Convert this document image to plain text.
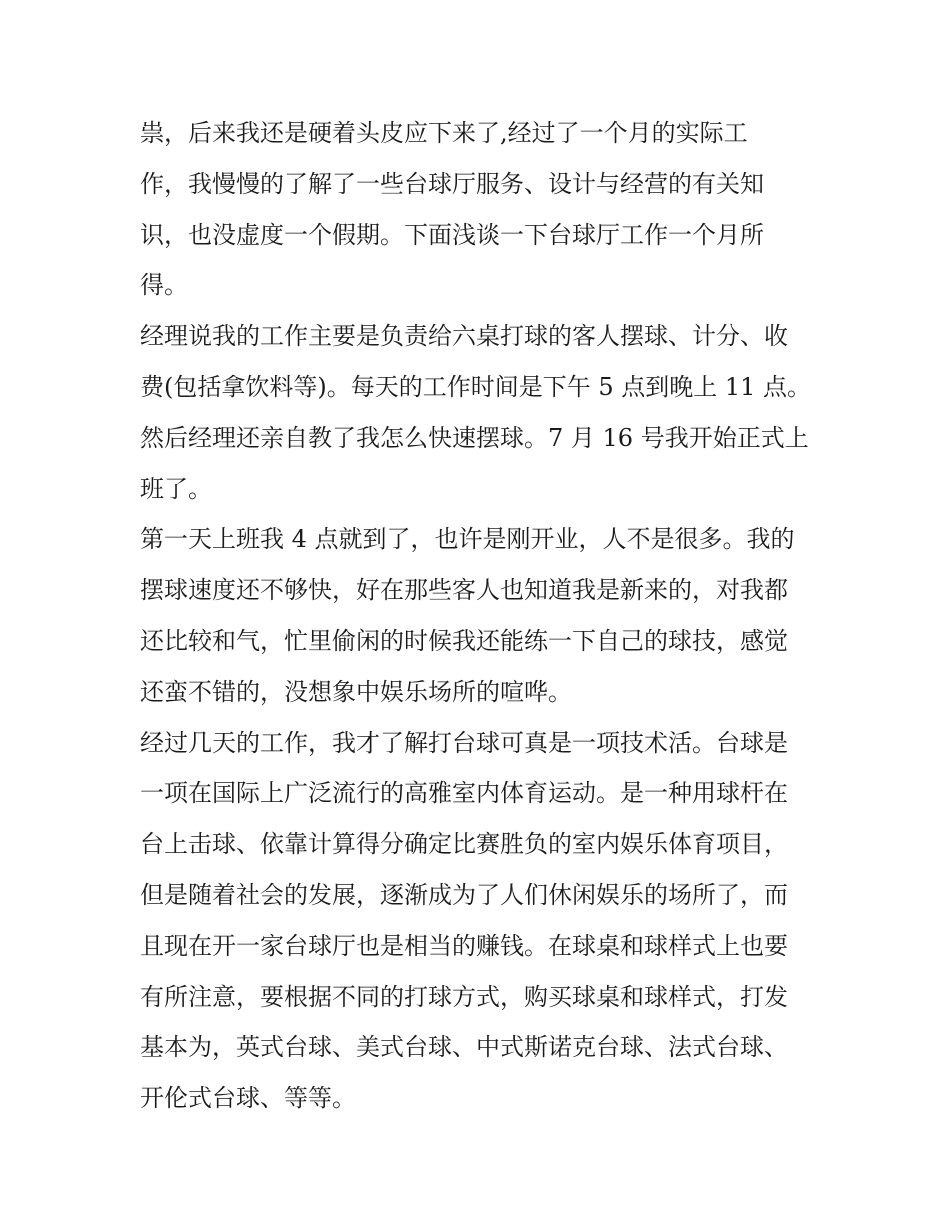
祟，后来我还是硬着头皮应下来了,经过了一个月的实际工
作，我慢慢的了解了一些台球厅服务、设计与经营的有关知
识，也没虚度一个假期。下面浅谈一下台球厅工作一个月所
得。
经理说我的工作主要是负责给六桌打球的客人摆球、计分、收
费(包括拿饮料等)。每天的工作时间是下午 5 点到晚上 11 点。
然后经理还亲自教了我怎么快速摆球。7 月 16 号我开始正式上
班了。
第一天上班我 4 点就到了，也许是刚开业，人不是很多。我的
摆球速度还不够快，好在那些客人也知道我是新来的，对我都
还比较和气，忙里偷闲的时候我还能练一下自己的球技，感觉
还蛮不错的，没想象中娱乐场所的喧哗。
经过几天的工作，我才了解打台球可真是一项技术活。台球是
一项在国际上广泛流行的高雅室内体育运动。是一种用球杆在
台上击球、依靠计算得分确定比赛胜负的室内娱乐体育项目，
但是随着社会的发展，逐渐成为了人们休闲娱乐的场所了，而
且现在开一家台球厅也是相当的赚钱。在球桌和球样式上也要
有所注意，要根据不同的打球方式，购买球桌和球样式，打发
基本为，英式台球、美式台球、中式斯诺克台球、法式台球、
开伦式台球、等等。
